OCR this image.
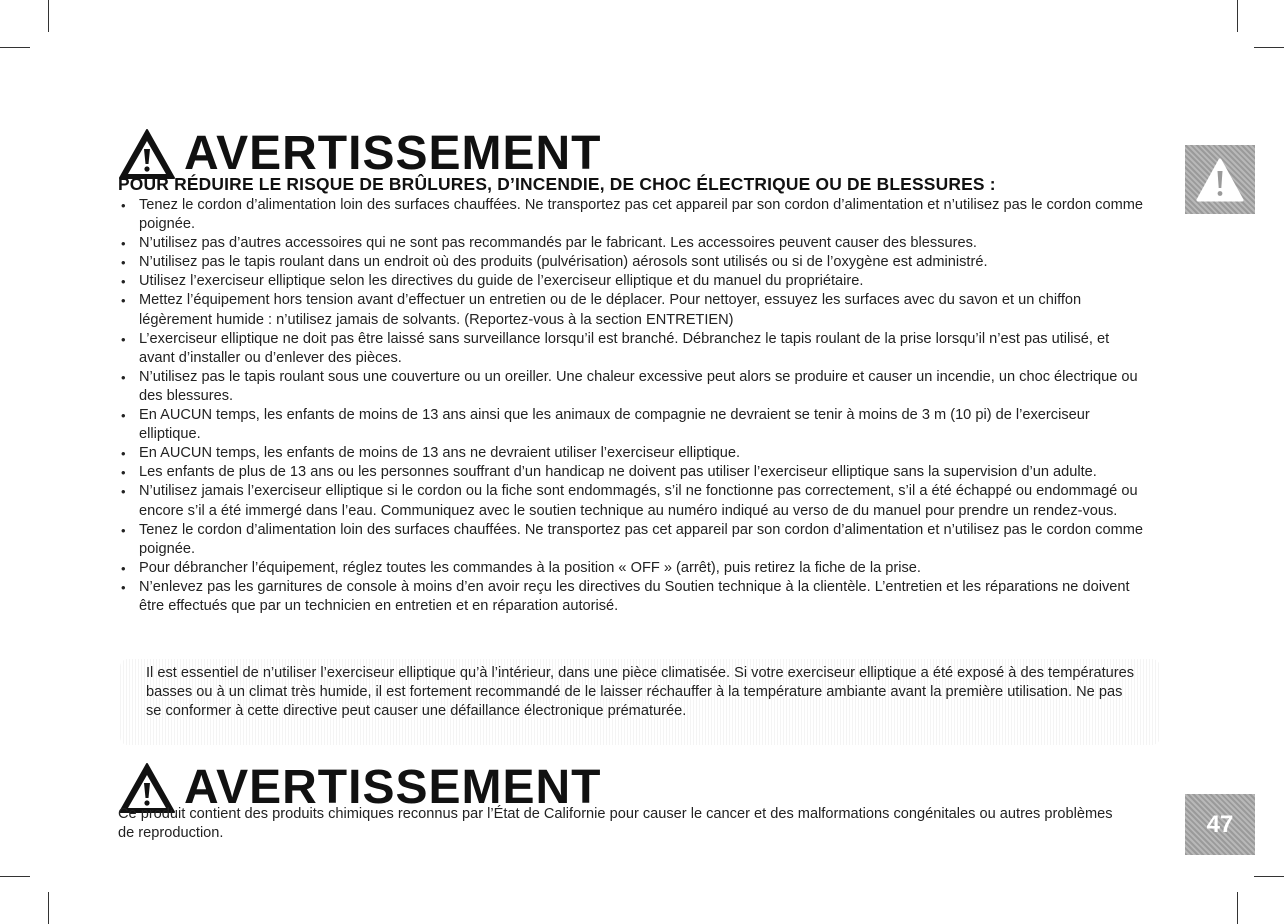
AVERTISSEMENT
POUR RÉDUIRE LE RISQUE DE BRÛLURES, D’INCENDIE, DE CHOC ÉLECTRIQUE OU DE BLESSURES :
• Tenez le cordon d’alimentation loin des surfaces chauffées. Ne transportez pas cet appareil par son cordon d’alimentation et n’utilisez pas le cordon comme poignée.
• N’utilisez pas d’autres accessoires qui ne sont pas recommandés par le fabricant. Les accessoires peuvent causer des blessures.
• N’utilisez pas le tapis roulant dans un endroit où des produits (pulvérisation) aérosols sont utilisés ou si de l’oxygène est administré.
• Utilisez l’exerciseur elliptique selon les directives du guide de l’exerciseur elliptique et du manuel du propriétaire.
• Mettez l’équipement hors tension avant d’effectuer un entretien ou de le déplacer. Pour nettoyer, essuyez les surfaces avec du savon et un chiffon légèrement humide : n’utilisez jamais de solvants. (Reportez-vous à la section ENTRETIEN)
• L’exerciseur elliptique ne doit pas être laissé sans surveillance lorsqu’il est branché. Débranchez le tapis roulant de la prise lorsqu’il n’est pas utilisé, et avant d’installer ou d’enlever des pièces.
• N’utilisez pas le tapis roulant sous une couverture ou un oreiller. Une chaleur excessive peut alors se produire et causer un incendie, un choc électrique ou des blessures.
• En AUCUN temps, les enfants de moins de 13 ans ainsi que les animaux de compagnie ne devraient se tenir à moins de 3 m (10 pi) de l’exerciseur elliptique.
• En AUCUN temps, les enfants de moins de 13 ans ne devraient utiliser l’exerciseur elliptique.
• Les enfants de plus de 13 ans ou les personnes souffrant d’un handicap ne doivent pas utiliser l’exerciseur elliptique sans la supervision d’un adulte.
• N’utilisez jamais l’exerciseur elliptique si le cordon ou la fiche sont endommagés, s’il ne fonctionne pas correctement, s’il a été échappé ou endommagé ou encore s’il a été immergé dans l’eau. Communiquez avec le soutien technique au numéro indiqué au verso de du manuel pour prendre un rendez-vous.
• Tenez le cordon d’alimentation loin des surfaces chauffées. Ne transportez pas cet appareil par son cordon d’alimentation et n’utilisez pas le cordon comme poignée.
• Pour débrancher l’équipement, réglez toutes les commandes à la position « OFF » (arrêt), puis retirez la fiche de la prise.
• N’enlevez pas les garnitures de console à moins d’en avoir reçu les directives du Soutien technique à la clientèle. L’entretien et les réparations ne doivent être effectués que par un technicien en entretien et en réparation autorisé.

Il est essentiel de n’utiliser l’exerciseur elliptique qu’à l’intérieur, dans une pièce climatisée. Si votre exerciseur elliptique a été exposé à des températures basses ou à un climat très humide, il est fortement recommandé de le laisser réchauffer à la température ambiante avant la première utilisation. Ne pas se conformer à cette directive peut causer une défaillance électronique prématurée.

AVERTISSEMENT

Ce produit contient des produits chimiques reconnus par l’État de Californie pour causer le cancer et des malformations congénitales ou autres problèmes de reproduction.	47
